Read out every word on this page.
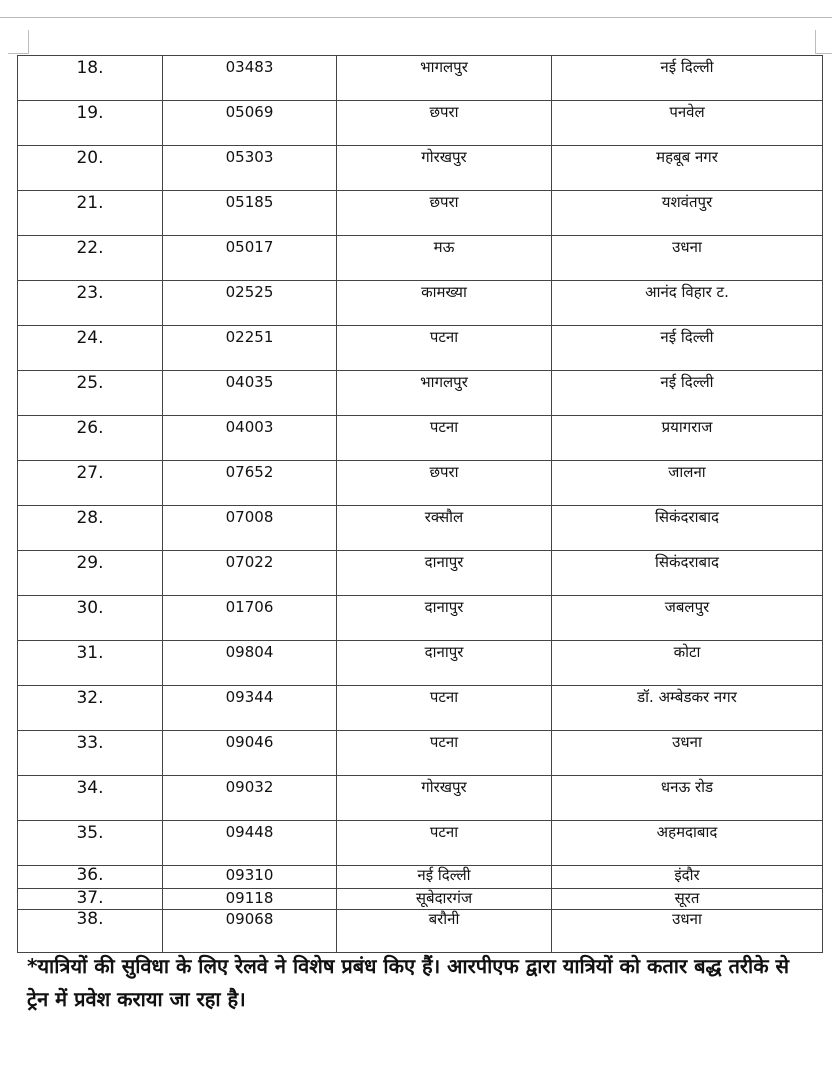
18.	03483	भागलपुर	नई दिल्ली
19.	05069	छपरा	पनवेल
20.	05303	गोरखपुर	महबूब नगर
21.	05185	छपरा	यशवंतपुर
22.	05017	मऊ	उधना
23.	02525	कामख्या	आनंद विहार ट.
24.	02251	पटना	नई दिल्ली
25.	04035	भागलपुर	नई दिल्ली
26.	04003	पटना	प्रयागराज
27.	07652	छपरा	जालना
28.	07008	रक्सौल	सिकंदराबाद
29.	07022	दानापुर	सिकंदराबाद
30.	01706	दानापुर	जबलपुर
31.	09804	दानापुर	कोटा
32.	09344	पटना	डॉ. अम्बेडकर नगर
33.	09046	पटना	उधना
34.	09032	गोरखपुर	धनऊ रोड
35.	09448	पटना	अहमदाबाद
36.	09310	नई दिल्ली	इंदौर
37.	09118	सूबेदारगंज	सूरत
38.	09068	बरौनी	उधना
*यात्रियों की सुविधा के लिए रेलवे ने विशेष प्रबंध किए हैं। आरपीएफ द्वारा यात्रियों को कतार बद्ध तरीके से ट्रेन में प्रवेश कराया जा रहा है।
